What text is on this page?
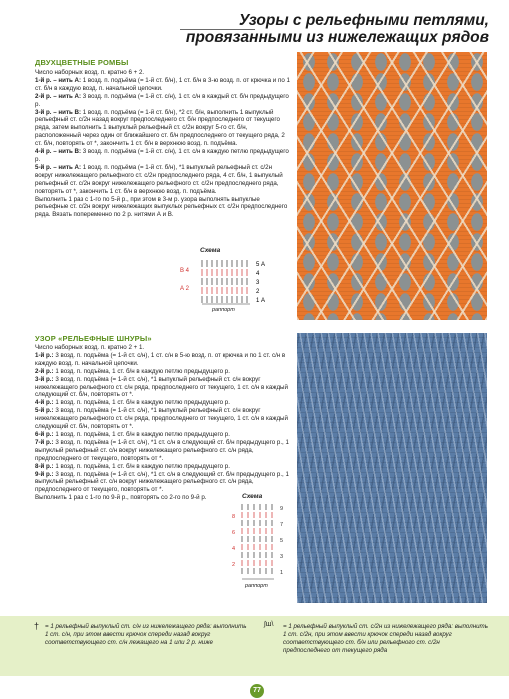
Узоры с рельефными петлями, провязанными из нижележащих рядов
ДВУХЦВЕТНЫЕ РОМБЫ

Число наборных возд. п. кратно 6 + 2.

1-й р. – нить А: 1 возд. п. подъёма (= 1-й ст. б/н), 1 ст. б/н в 3-ю возд. п. от крючка и по 1 ст. б/н в каждую возд. п. начальной цепочки.

2-й р. – нить А: 3 возд. п. подъёма (= 1-й ст. с/н), 1 ст. с/н в каждый ст. б/н предыдущего р.

3-й р. – нить В: 1 возд. п. подъёма (= 1-й ст. б/н), *2 ст. б/н, выполнить 1 выпуклый рельефный ст. с/2н назад вокруг предпоследнего ст. б/н предпоследнего от текущего ряда, затем выполнить 1 выпуклый рельефный ст. с/2н вокруг 5-го ст. б/н, расположенный через один от ближайшего ст. б/н предпоследнего от текущего ряда, 2 ст. б/н, повторять от *, закончить 1 ст. б/н в верхнюю возд. п. подъёма.

4-й р. – нить В: 3 возд. п. подъёма (= 1-й ст. с/н), 1 ст. с/н в каждую петлю предыдущего р.

5-й р. – нить А: 1 возд. п. подъёма (= 1-й ст. б/н), *1 выпуклый рельефный ст. с/2н вокруг нижележащего рельефного ст. с/2н предпоследнего ряда, 4 ст. б/н, 1 выпуклый рельефный ст. с/2н вокруг нижележащего рельефного ст. с/2н предпоследнего ряда, повторять от *, закончить 1 ст. б/н в верхнюю возд. п. подъёма.

Выполнить 1 раз с 1-го по 5-й р., при этом в 3-м р. узора выполнять выпуклые рельефные ст. с/2н вокруг нижележащих выпуклых рельефных ст. с/2н предпоследнего ряда. Вязать попеременно по 2 р. нитями А и В.

Схема
5 А
4
3
2
1 А
В 4
А 2
раппорт
УЗОР «РЕЛЬЕФНЫЕ ШНУРЫ»

Число наборных возд. п. кратно 2 + 1.

1-й р.: 3 возд. п. подъёма (= 1-й ст. с/н), 1 ст. с/н в 5-ю возд. п. от крючка и по 1 ст. с/н в каждую возд. п. начальной цепочки.

2-й р.: 1 возд. п. подъёма, 1 ст. б/н в каждую петлю предыдущего р.

3-й р.: 3 возд. п. подъёма (= 1-й ст. с/н), *1 выпуклый рельефный ст. с/н вокруг нижележащего рельефного ст. с/н ряда, предпоследнего от текущего, 1 ст. с/н в каждый следующий ст. б/н, повторять от *.

4-й р.: 1 возд. п. подъёма, 1 ст. б/н в каждую петлю предыдущего р.

5-й р.: 3 возд. п. подъёма (= 1-й ст. с/н), *1 выпуклый рельефный ст. с/н вокруг нижележащего рельефного ст. с/н ряда, предпоследнего от текущего, 1 ст. с/н в каждый следующий ст. б/н, повторять от *.

6-й р.: 1 возд. п. подъёма, 1 ст. б/н в каждую петлю предыдущего р.

7-й р.: 3 возд. п. подъёма (= 1-й ст. с/н), *1 ст. с/н в следующий ст. б/н предыдущего р., 1 выпуклый рельефный ст. с/н вокруг нижележащего рельефного ст. с/н ряда, предпоследнего от текущего, повторять от *.

8-й р.: 1 возд. п. подъёма, 1 ст. б/н в каждую петлю предыдущего р.

9-й р.: 3 возд. п. подъёма (= 1-й ст. с/н), *1 ст. с/н в следующий ст. б/н предыдущего р., 1 выпуклый рельефный ст. с/н вокруг нижележащего рельефного ст. с/н ряда, предпоследнего от текущего, повторять от *.

Выполнить 1 раз с 1-го по 9-й р., повторять со 2-го по 9-й р.	Схема
9
8
7
6
5
4
3
2
1
раппорт
† = 1 рельефный выпуклый ст. с/н из нижележащего ряда: выполнить 1 ст. с/н, при этом ввести крючок спереди назад вокруг соответствующего ст. с/н лежащего на 1 или 2 р. ниже
∫ш\ = 1 рельефный выпуклый ст. с/2н из нижележащего ряда: выполнить 1 ст. с/2н, при этом ввести крючок спереди назад вокруг соответствующего ст. б/н или рельефного ст. с/2н предпоследнего от текущего ряда
77
